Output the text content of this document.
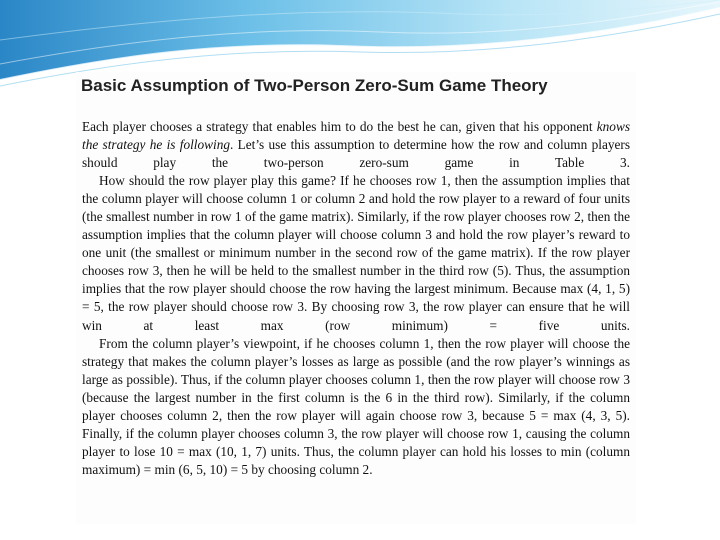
Basic Assumption of Two-Person Zero-Sum Game Theory

Each player chooses a strategy that enables him to do the best he can, given that his opponent knows the strategy he is following. Let’s use this assumption to determine how the row and column players should play the two-person zero-sum game in Table 3.

How should the row player play this game? If he chooses row 1, then the assumption implies that the column player will choose column 1 or column 2 and hold the row player to a reward of four units (the smallest number in row 1 of the game matrix). Similarly, if the row player chooses row 2, then the assumption implies that the column player will choose column 3 and hold the row player’s reward to one unit (the smallest or minimum number in the second row of the game matrix). If the row player chooses row 3, then he will be held to the smallest number in the third row (5). Thus, the assumption implies that the row player should choose the row having the largest minimum. Because max (4, 1, 5) = 5, the row player should choose row 3. By choosing row 3, the row player can ensure that he will win at least max (row minimum) = five units.

From the column player’s viewpoint, if he chooses column 1, then the row player will choose the strategy that makes the column player’s losses as large as possible (and the row player’s winnings as large as possible). Thus, if the column player chooses column 1, then the row player will choose row 3 (because the largest number in the first column is the 6 in the third row). Similarly, if the column player chooses column 2, then the row player will again choose row 3, because 5 = max (4, 3, 5). Finally, if the column player chooses column 3, the row player will choose row 1, causing the column player to lose 10 = max (10, 1, 7) units. Thus, the column player can hold his losses to min (column maximum) = min (6, 5, 10) = 5 by choosing column 2.
